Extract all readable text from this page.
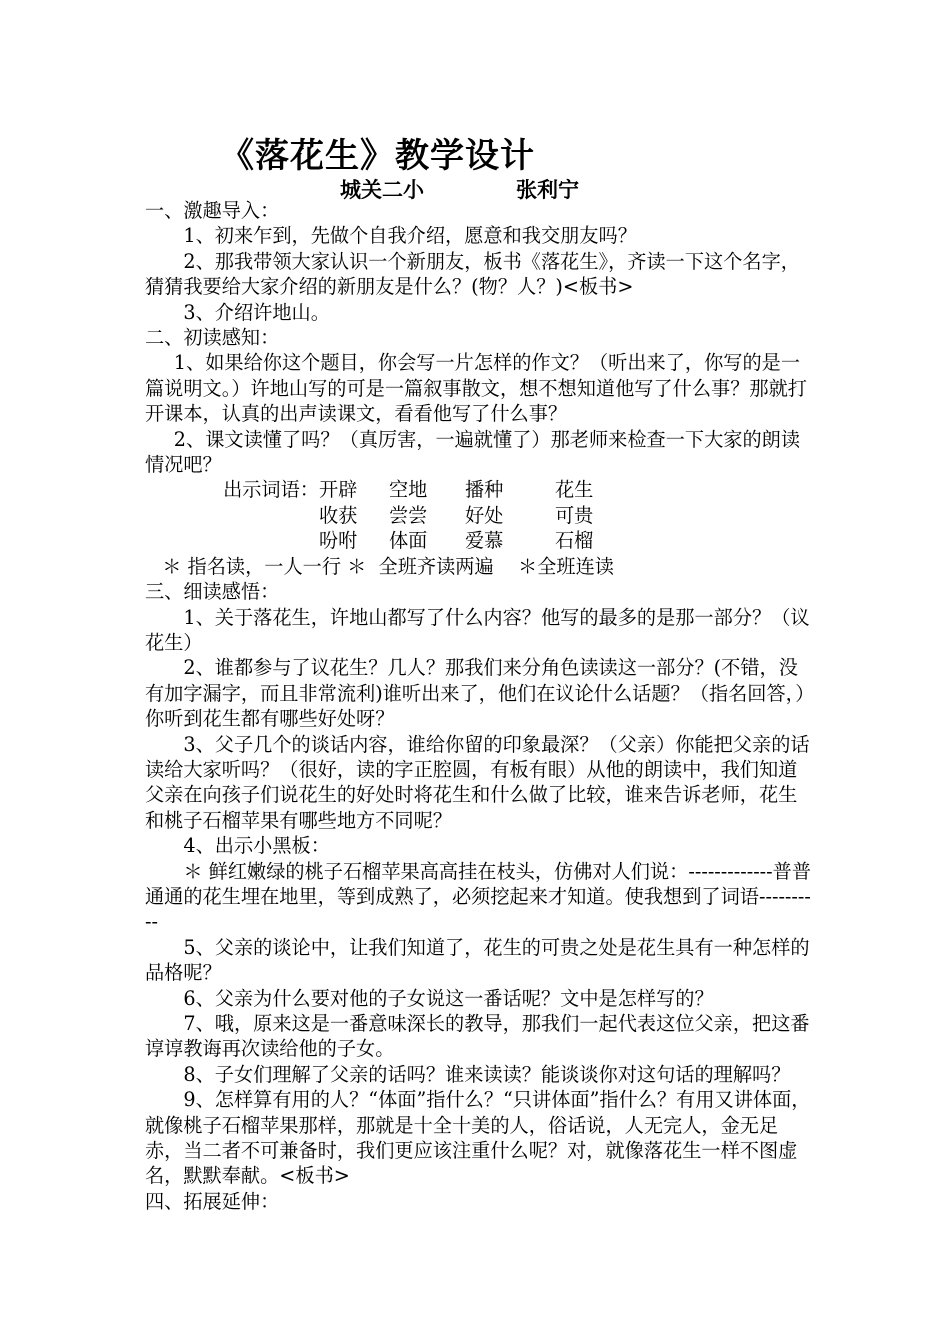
《落花生》教学设计
城关二小	张利宁

一、激趣导入：

1、初来乍到，先做个自我介绍，愿意和我交朋友吗？

2、那我带领大家认识一个新朋友，板书《落花生》，齐读一下这个名字，猜猜我要给大家介绍的新朋友是什么？(物？人？)<板书>

3、介绍许地山。

二、初读感知：

1、如果给你这个题目，你会写一片怎样的作文？（听出来了，你写的是一篇说明文。）许地山写的可是一篇叙事散文，想不想知道他写了什么事？那就打开课本，认真的出声读课文，看看他写了什么事？

2、课文读懂了吗？（真厉害，一遍就懂了）那老师来检查一下大家的朗读情况吧？

出示词语： 开辟	空地	播种	花生
收获	尝尝	好处	可贵
吩咐	体面	爱慕	石榴

＊ 指名读，一人一行 ＊  全班齐读两遍    ＊全班连读

三、细读感悟：

1、关于落花生，许地山都写了什么内容？他写的最多的是那一部分？（议花生）

2、谁都参与了议花生？几人？那我们来分角色读读这一部分？(不错，没有加字漏字，而且非常流利)谁听出来了，他们在议论什么话题？（指名回答，）你听到花生都有哪些好处呀？

3、父子几个的谈话内容，谁给你留的印象最深？（父亲）你能把父亲的话读给大家听吗？（很好，读的字正腔圆，有板有眼）从他的朗读中，我们知道父亲在向孩子们说花生的好处时将花生和什么做了比较，谁来告诉老师，花生和桃子石榴苹果有哪些地方不同呢？

4、出示小黑板：

＊ 鲜红嫩绿的桃子石榴苹果高高挂在枝头，仿佛对人们说：-------------普普通通的花生埋在地里，等到成熟了，必须挖起来才知道。使我想到了词语----------

5、父亲的谈论中，让我们知道了，花生的可贵之处是花生具有一种怎样的品格呢？

6、父亲为什么要对他的子女说这一番话呢？文中是怎样写的？

7、哦，原来这是一番意味深长的教导，那我们一起代表这位父亲，把这番谆谆教诲再次读给他的子女。

8、子女们理解了父亲的话吗？谁来读读？能谈谈你对这句话的理解吗？

9、怎样算有用的人？“体面”指什么？“只讲体面”指什么？有用又讲体面，就像桃子石榴苹果那样，那就是十全十美的人，俗话说，人无完人，金无足赤，当二者不可兼备时，我们更应该注重什么呢？对，就像落花生一样不图虚名，默默奉献。<板书>

四、拓展延伸：
